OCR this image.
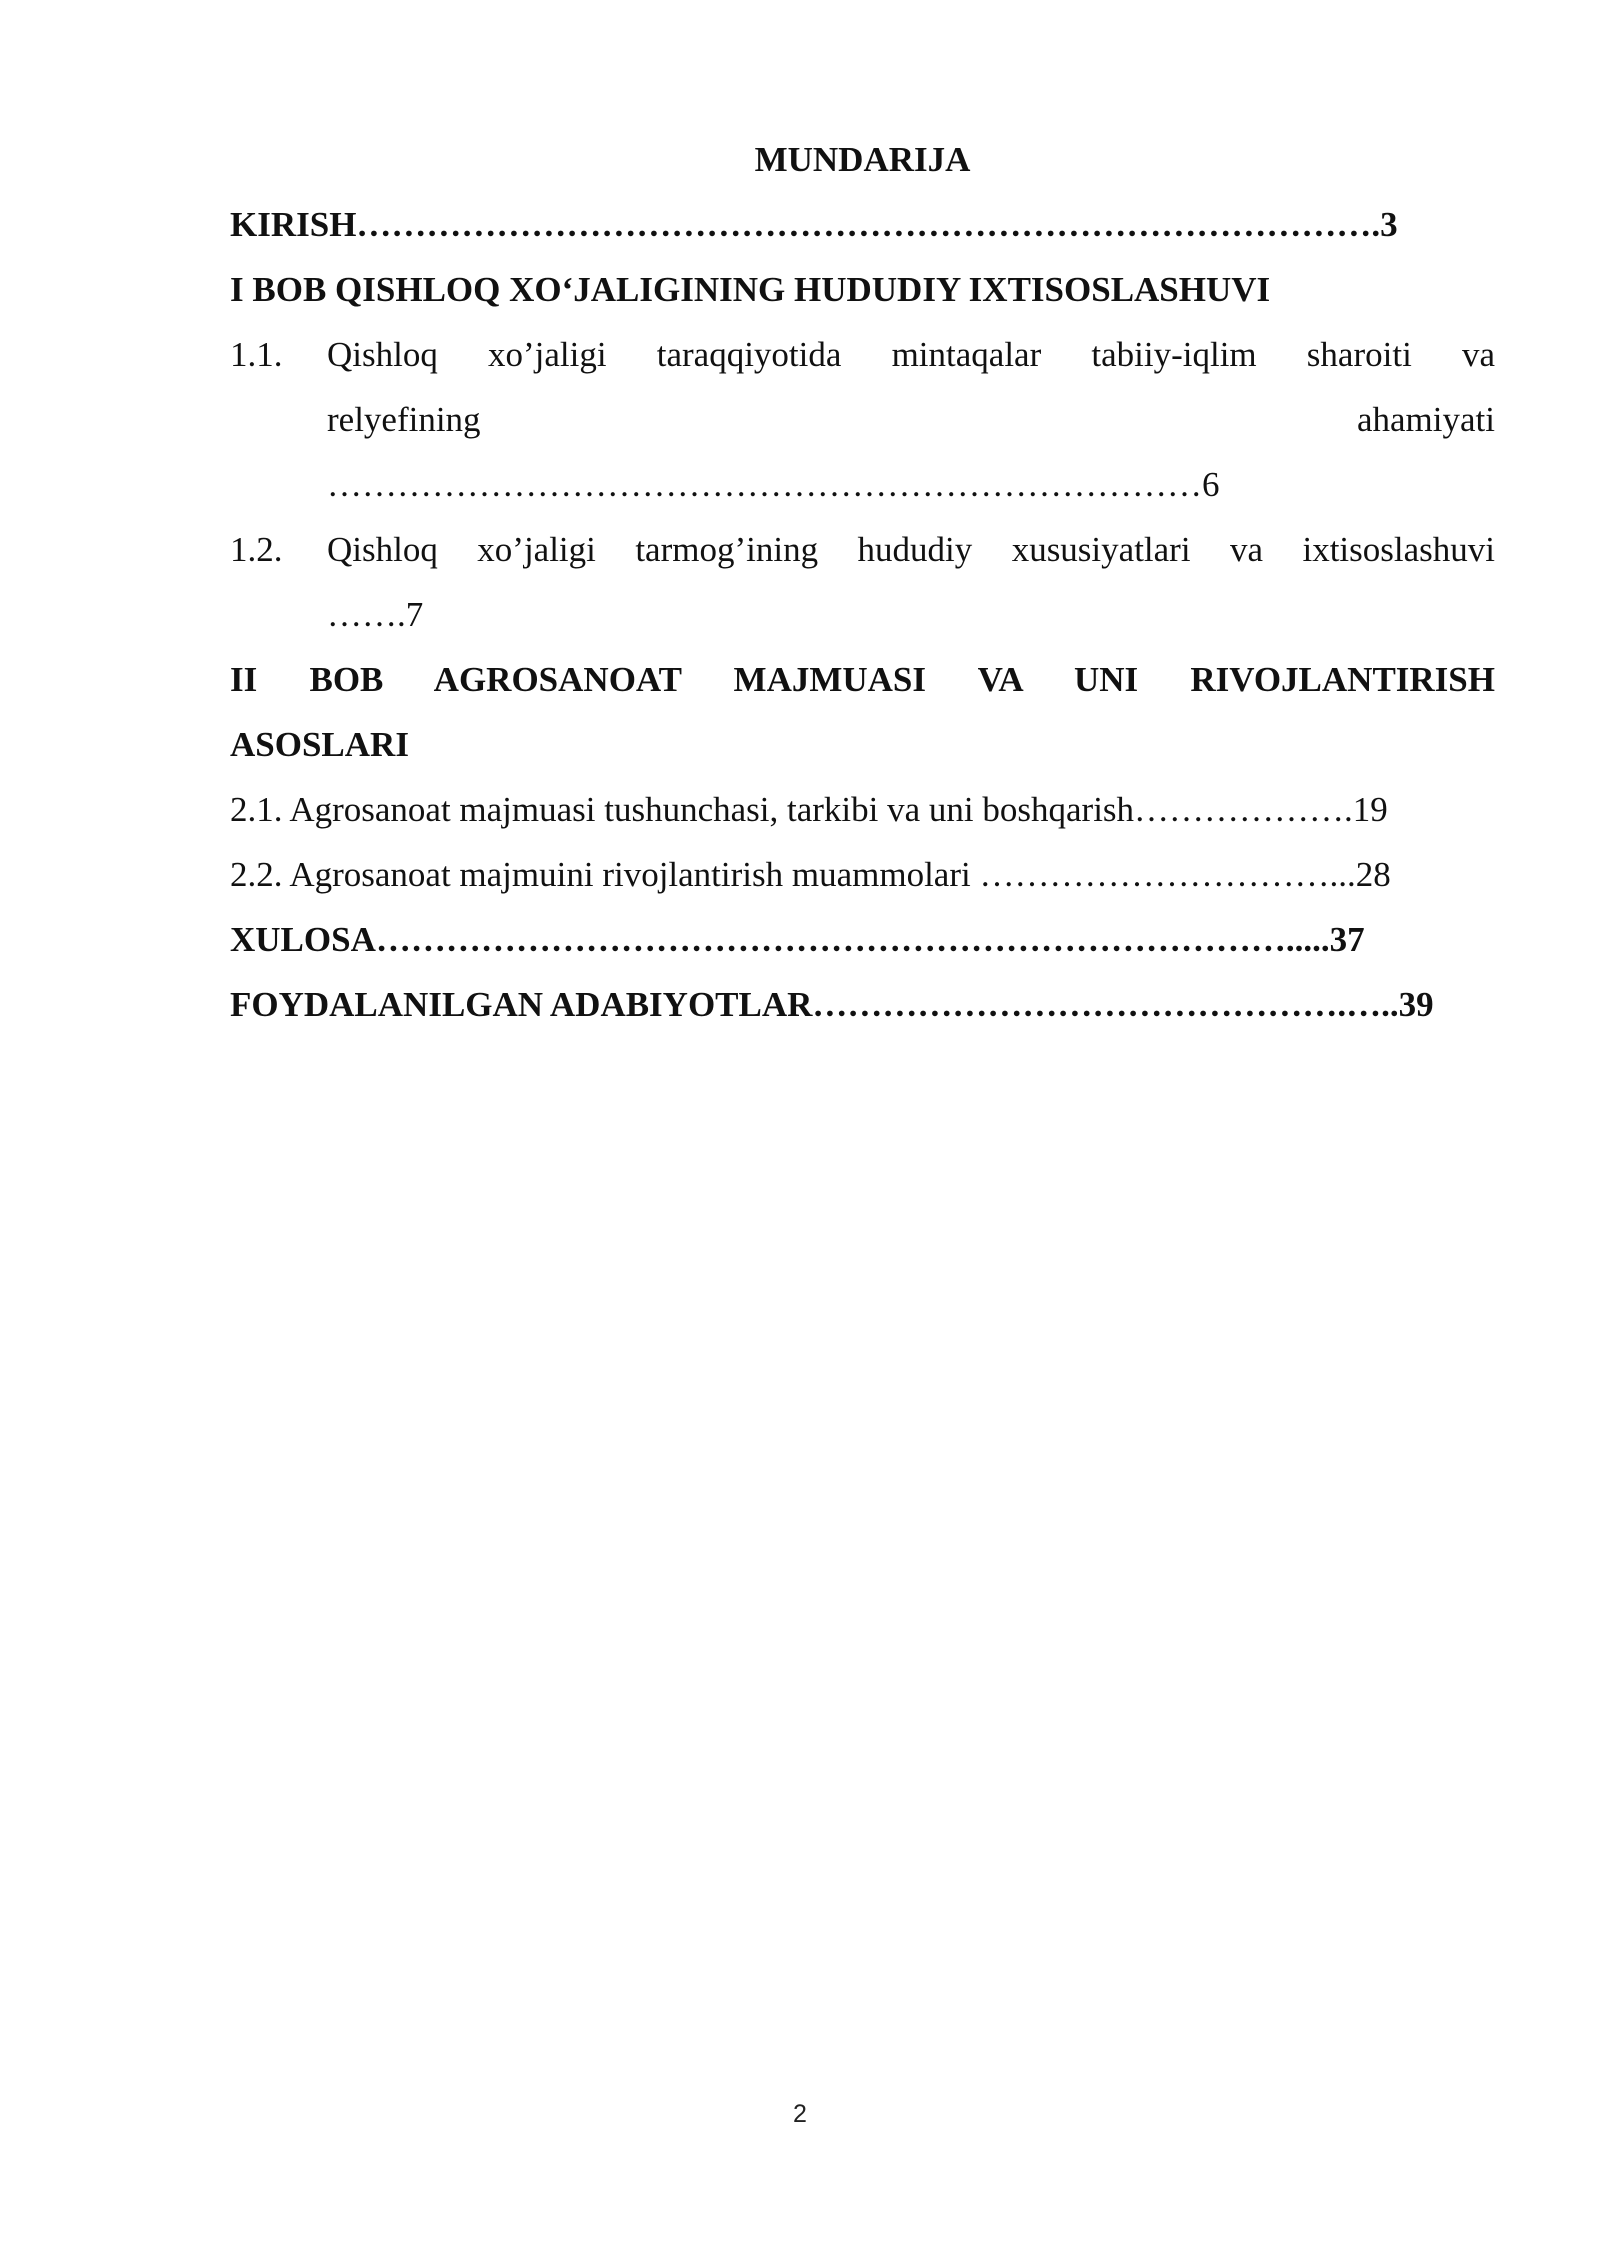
MUNDARIJA
KIRISH…………………………………………………………………………….3
I BOB QISHLOQ XO‘JALIGINING HUDUDIY IXTISOSLASHUVI
1.1.	Qishloq xo’jaligi taraqqiyotida mintaqalar tabiiy-iqlim sharoiti va
relyefining ahamiyati
…………………………………………………………………6
1.2.	Qishloq xo’jaligi tarmog’ining hududiy xususiyatlari va ixtisoslashuvi
…….7
II BOB AGROSANOAT MAJMUASI VA UNI RIVOJLANTIRISH
ASOSLARI
2.1. Agrosanoat majmuasi tushunchasi, tarkibi va uni boshqarish……………….19
2.2. Agrosanoat majmuini rivojlantirish muammolari …………………………...28
XULOSA…………………………………………………………………….....37
FOYDALANILGAN ADABIYOTLAR……………………………………….…..39
2
